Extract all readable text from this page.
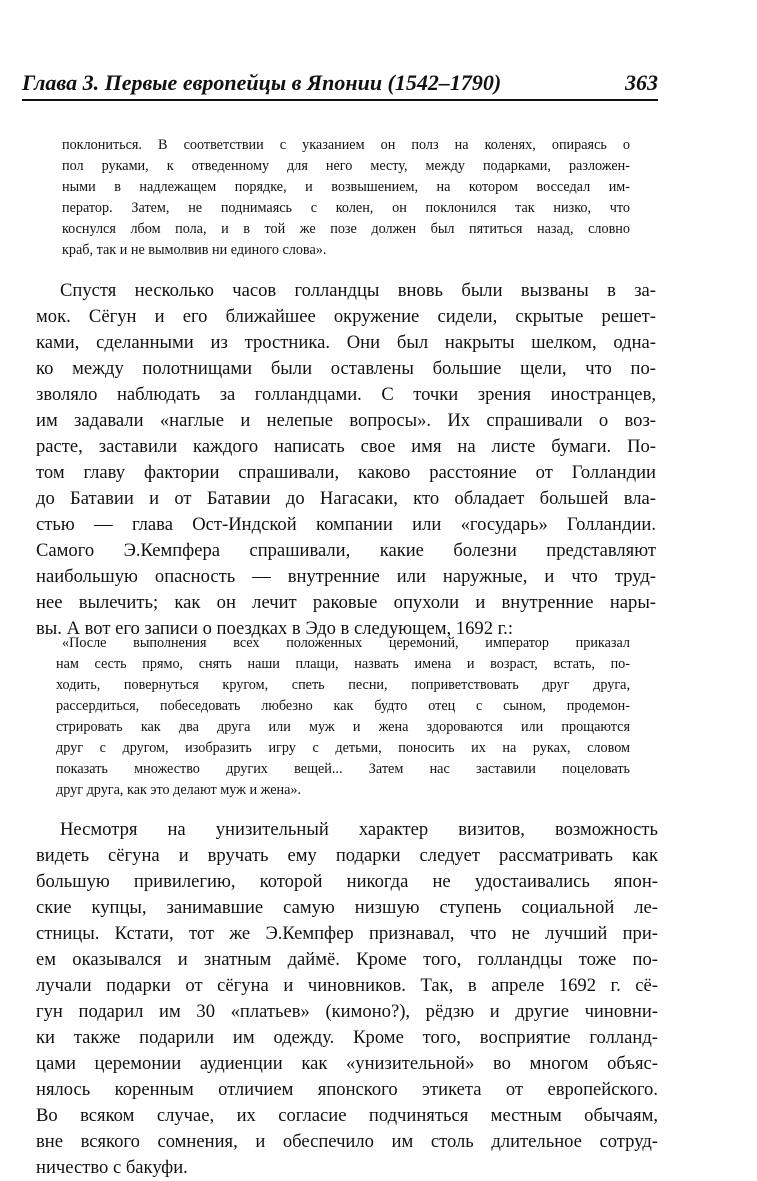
Глава 3. Первые европейцы в Японии (1542–1790)	363
поклониться. В соответствии с указанием он полз на коленях, опираясь о
пол руками, к отведенному для него месту, между подарками, разложен-
ными в надлежащем порядке, и возвышением, на котором восседал им-
ператор. Затем, не поднимаясь с колен, он поклонился так низко, что
коснулся лбом пола, и в той же позе должен был пятиться назад, словно
краб, так и не вымолвив ни единого слова».
Спустя несколько часов голландцы вновь были вызваны в за-
мок. Сёгун и его ближайшее окружение сидели, скрытые решет-
ками, сделанными из тростника. Они был накрыты шелком, одна-
ко между полотнищами были оставлены большие щели, что по-
зволяло наблюдать за голландцами. С точки зрения иностранцев,
им задавали «наглые и нелепые вопросы». Их спрашивали о воз-
расте, заставили каждого написать свое имя на листе бумаги. По-
том главу фактории спрашивали, каково расстояние от Голландии
до Батавии и от Батавии до Нагасаки, кто обладает большей вла-
стью — глава Ост-Индской компании или «государь» Голландии.
Самого Э.Кемпфера спрашивали, какие болезни представляют
наибольшую опасность — внутренние или наружные, и что труд-
нее вылечить; как он лечит раковые опухоли и внутренние нары-
вы. А вот его записи о поездках в Эдо в следующем, 1692 г.:
«После выполнения всех положенных церемоний, император приказал
нам сесть прямо, снять наши плащи, назвать имена и возраст, встать, по-
ходить, повернуться кругом, спеть песни, поприветствовать друг друга,
рассердиться, побеседовать любезно как будто отец с сыном, продемон-
стрировать как два друга или муж и жена здороваются или прощаются
друг с другом, изобразить игру с детьми, поносить их на руках, словом
показать множество других вещей... Затем нас заставили поцеловать
друг друга, как это делают муж и жена».
Несмотря на унизительный характер визитов, возможность
видеть сёгуна и вручать ему подарки следует рассматривать как
большую привилегию, которой никогда не удостаивались япон-
ские купцы, занимавшие самую низшую ступень социальной ле-
стницы. Кстати, тот же Э.Кемпфер признавал, что не лучший при-
ем оказывался и знатным даймё. Кроме того, голландцы тоже по-
лучали подарки от сёгуна и чиновников. Так, в апреле 1692 г. сё-
гун подарил им 30 «платьев» (кимоно?), рёдзю и другие чиновни-
ки также подарили им одежду. Кроме того, восприятие голланд-
цами церемонии аудиенции как «унизительной» во многом объяс-
нялось коренным отличием японского этикета от европейского.
Во всяком случае, их согласие подчиняться местным обычаям,
вне всякого сомнения, и обеспечило им столь длительное сотруд-
ничество с бакуфи.
